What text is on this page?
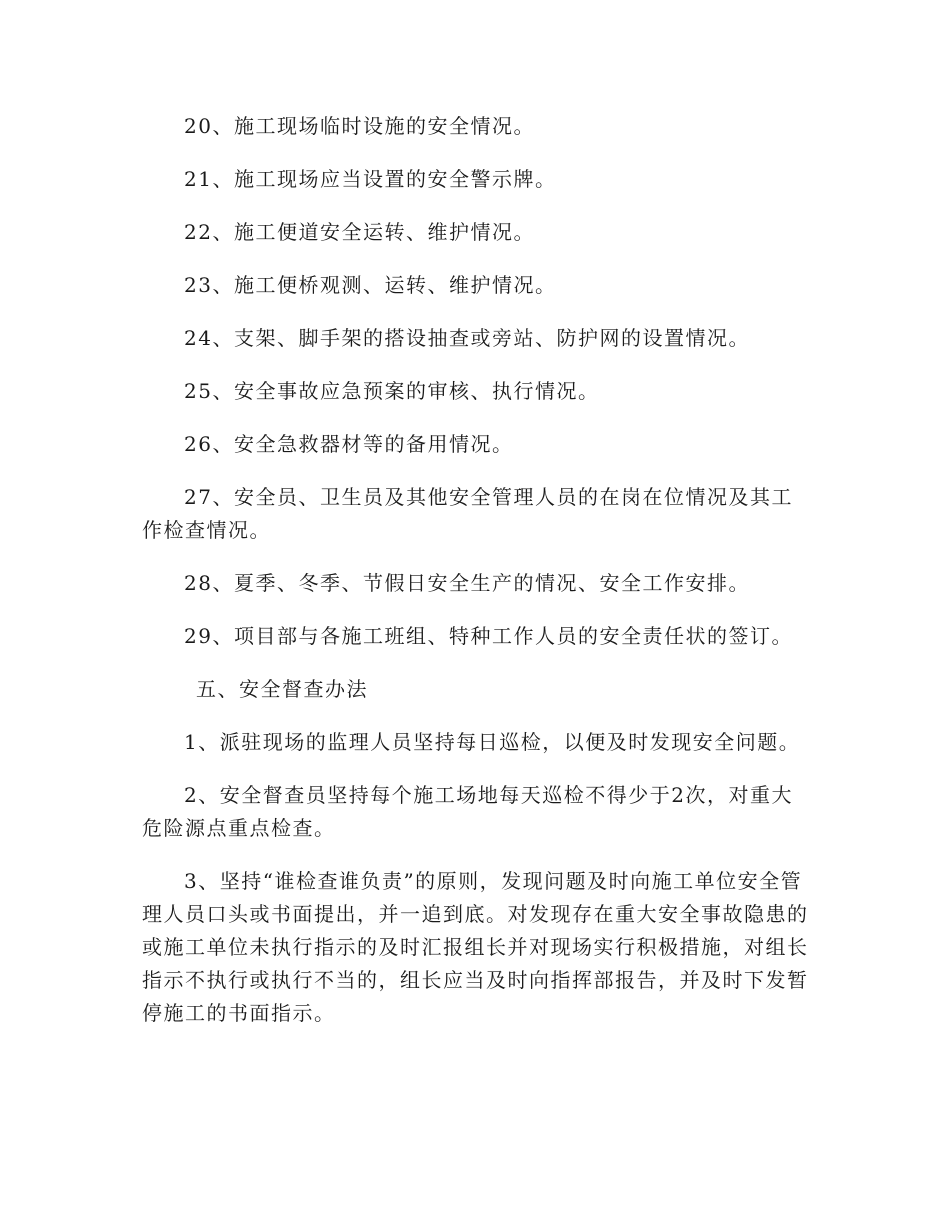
20、施工现场临时设施的安全情况。

21、施工现场应当设置的安全警示牌。

22、施工便道安全运转、维护情况。

23、施工便桥观测、运转、维护情况。

24、支架、脚手架的搭设抽查或旁站、防护网的设置情况。

25、安全事故应急预案的审核、执行情况。

26、安全急救器材等的备用情况。

27、安全员、卫生员及其他安全管理人员的在岗在位情况及其工作检查情况。

28、夏季、冬季、节假日安全生产的情况、安全工作安排。

29、项目部与各施工班组、特种工作人员的安全责任状的签订。

五、安全督查办法

1、派驻现场的监理人员坚持每日巡检，以便及时发现安全问题。

2、安全督查员坚持每个施工场地每天巡检不得少于2次，对重大危险源点重点检查。

3、坚持“谁检查谁负责”的原则，发现问题及时向施工单位安全管理人员口头或书面提出，并一追到底。对发现存在重大安全事故隐患的或施工单位未执行指示的及时汇报组长并对现场实行积极措施，对组长指示不执行或执行不当的，组长应当及时向指挥部报告，并及时下发暂停施工的书面指示。
